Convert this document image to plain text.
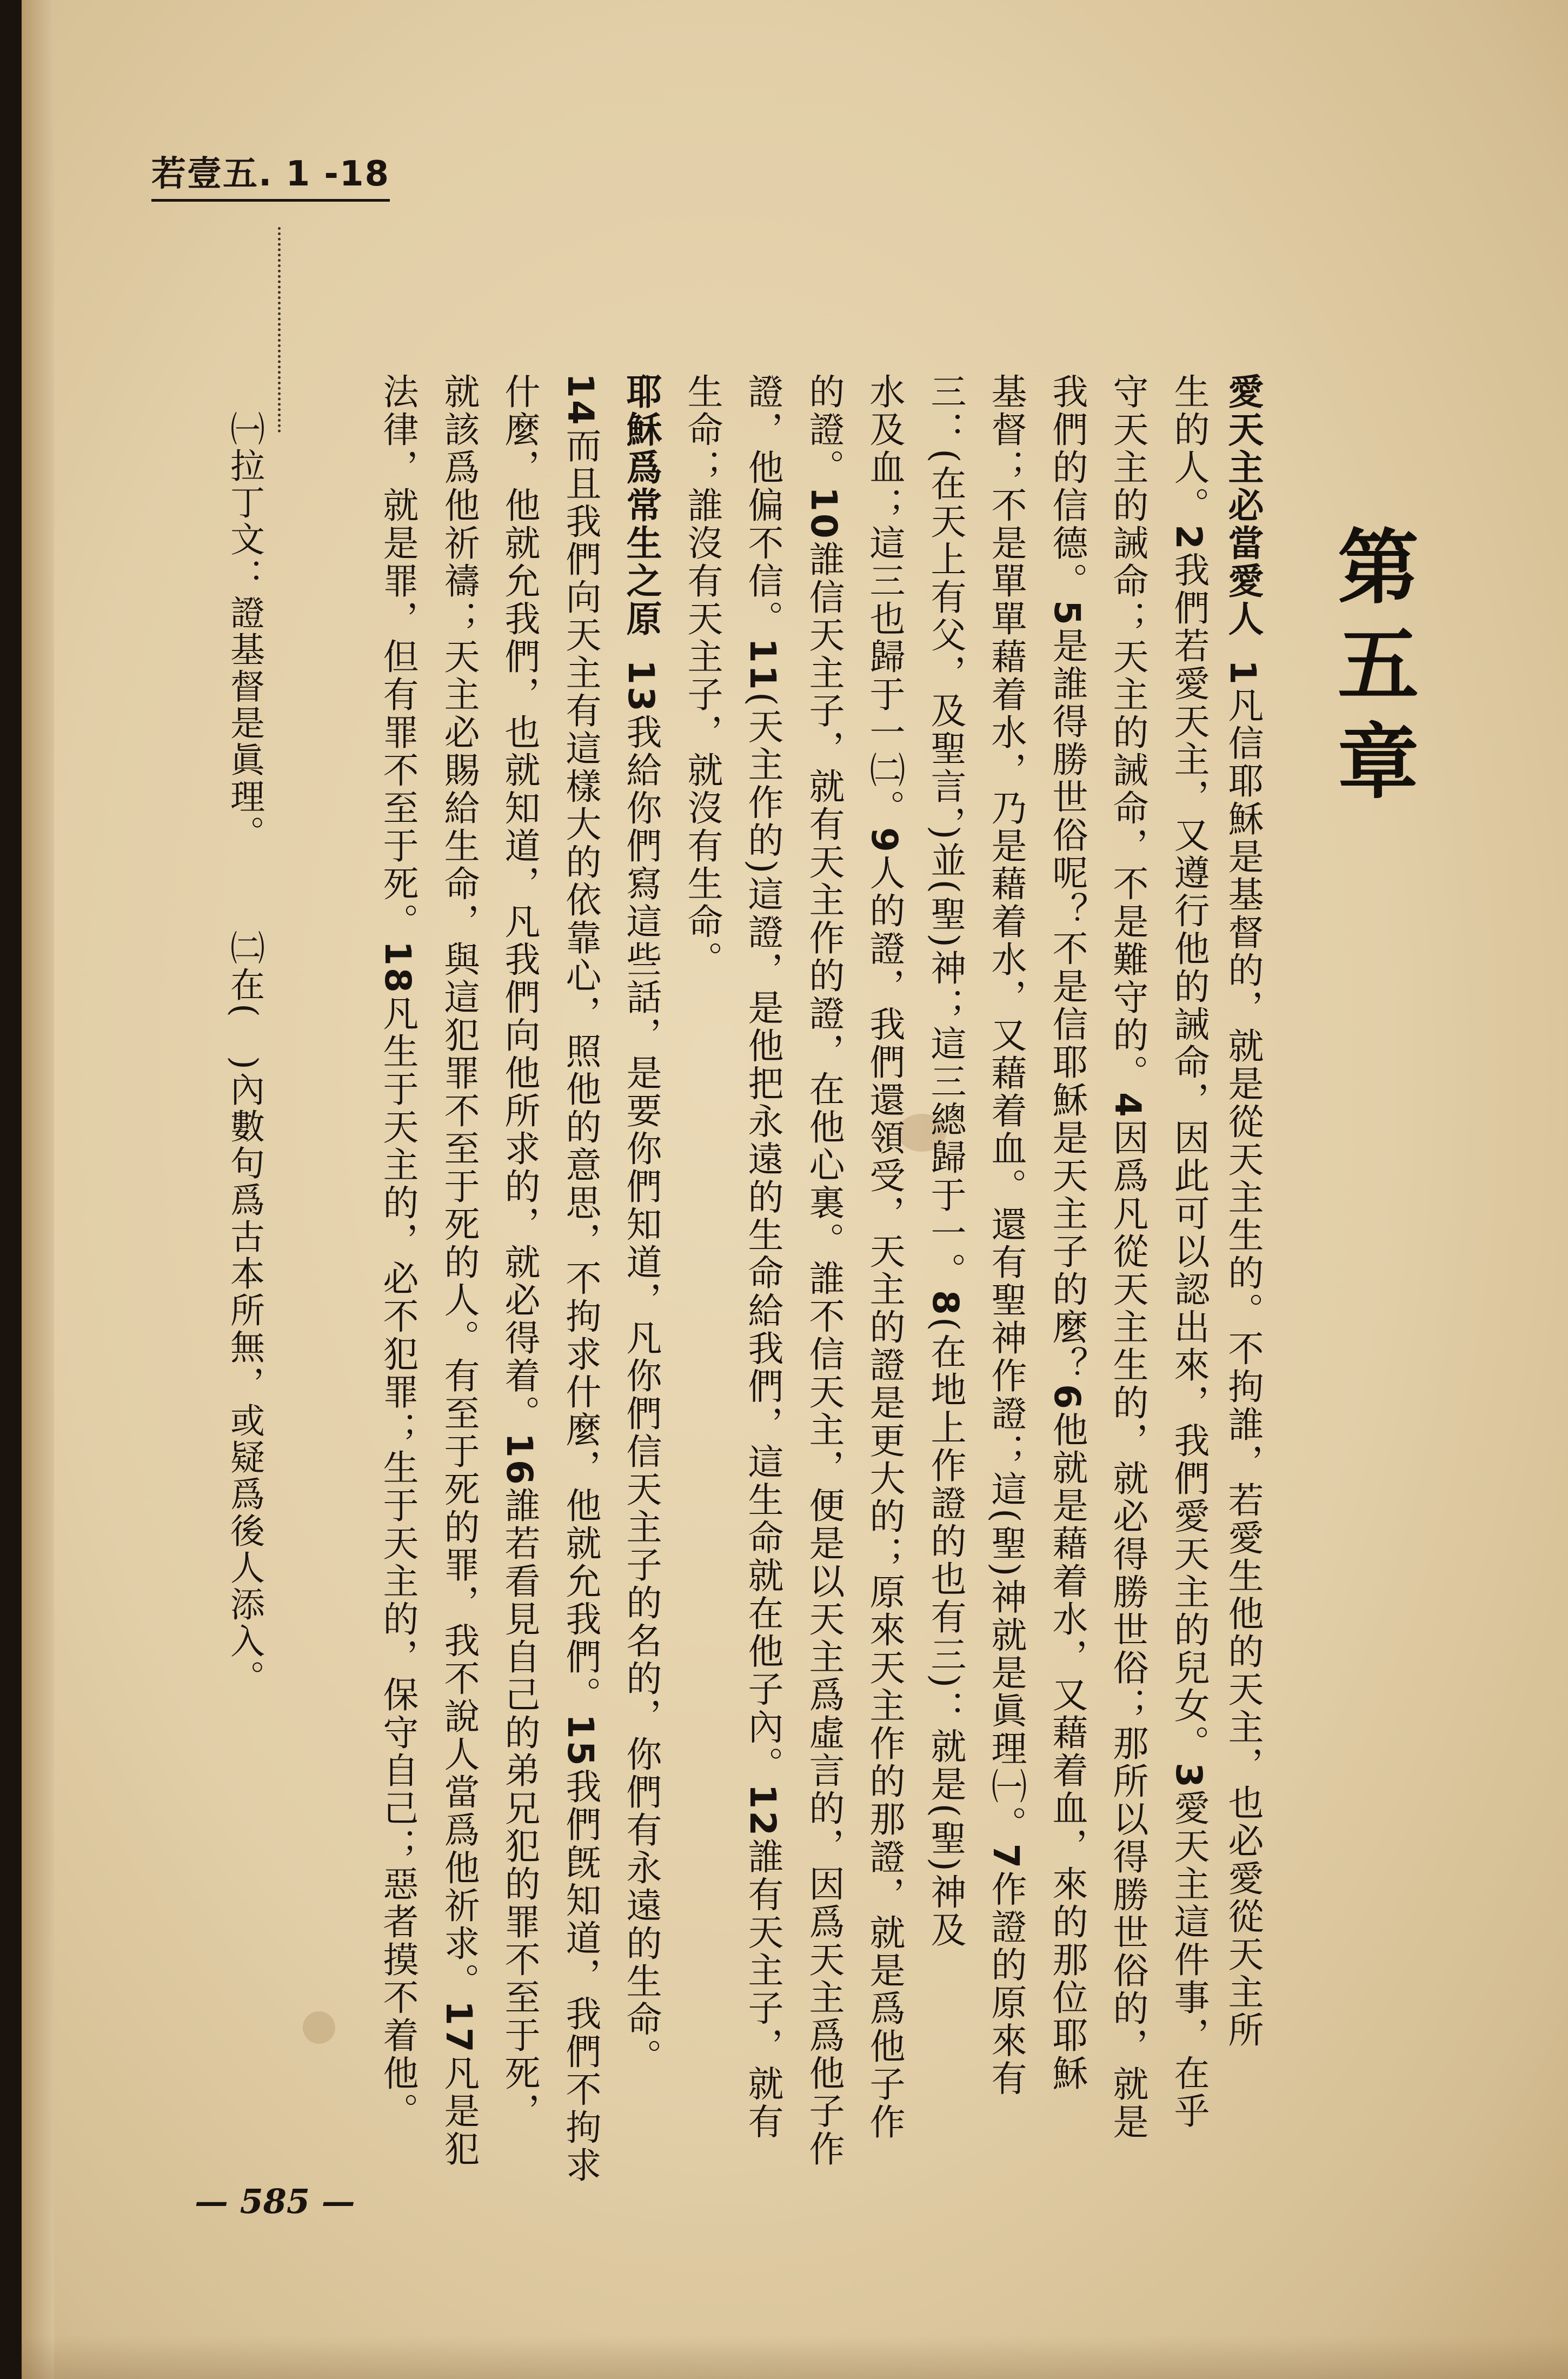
若壹五. 1 -18
第五章
愛天主必當愛人1凡信耶穌是基督的，就是從天主生的。不拘誰，若愛生他的天主，也必愛從天主所
生的人。2我們若愛天主，又遵行他的誡命，因此可以認出來，我們愛天主的兒女。3愛天主這件事，在乎
守天主的誡命；天主的誡命，不是難守的。4因爲凡從天主生的，就必得勝世俗；那所以得勝世俗的，就是
我們的信德。5是誰得勝世俗呢？不是信耶穌是天主子的麼？6他就是藉着水，又藉着血，來的那位耶穌
基督；不是單單藉着水，乃是藉着水，又藉着血。還有聖神作證；這(聖)神就是眞理㈠。7作證的原來有
三：(在天上有父，及聖言，)並(聖)神；這三總歸于一。8(在地上作證的也有三)：就是(聖)神及
水及血；這三也歸于一㈡。9人的證，我們還領受，天主的證是更大的；原來天主作的那證，就是爲他子作
的證。10誰信天主子，就有天主作的證，在他心裏。誰不信天主，便是以天主爲虛言的，因爲天主爲他子作
證，他偏不信。11(天主作的)這證，是他把永遠的生命給我們，這生命就在他子內。12誰有天主子，就有
生命；誰沒有天主子，就沒有生命。
耶穌爲常生之原13我給你們寫這些話，是要你們知道，凡你們信天主子的名的，你們有永遠的生命。
14而且我們向天主有這樣大的依靠心，照他的意思，不拘求什麼，他就允我們。15我們旣知道，我們不拘求
什麼，他就允我們，也就知道，凡我們向他所求的，就必得着。16誰若看見自己的弟兄犯的罪不至于死，
就該爲他祈禱；天主必賜給生命，與這犯罪不至于死的人。有至于死的罪，我不說人當爲他祈求。17凡是犯
法律，就是罪，但有罪不至于死。18凡生于天主的，必不犯罪；生于天主的，保守自己；惡者摸不着他。
㈠拉丁文：證基督是眞理。
㈡在(　)內數句爲古本所無，或疑爲後人添入。
— 585 —
